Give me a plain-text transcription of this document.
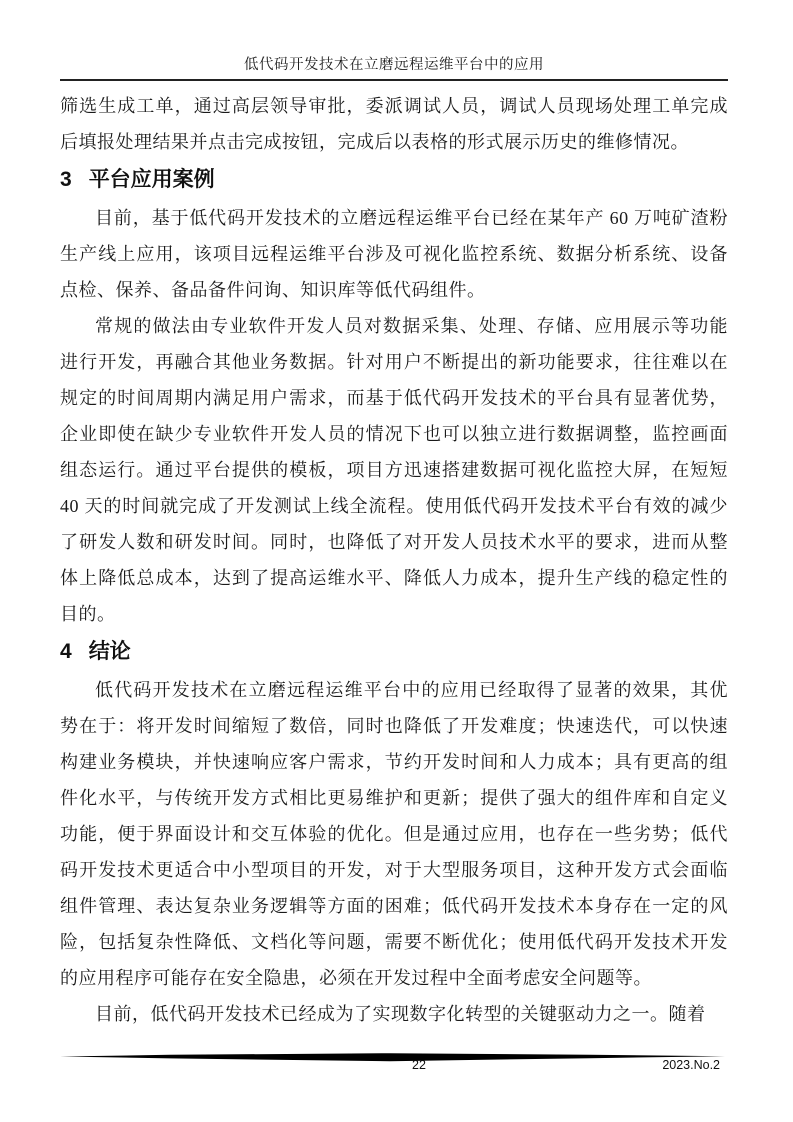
低代码开发技术在立磨远程运维平台中的应用
筛选生成工单，通过高层领导审批，委派调试人员，调试人员现场处理工单完成
后填报处理结果并点击完成按钮，完成后以表格的形式展示历史的维修情况。
3 平台应用案例
目前，基于低代码开发技术的立磨远程运维平台已经在某年产 60 万吨矿渣粉
生产线上应用，该项目远程运维平台涉及可视化监控系统、数据分析系统、设备
点检、保养、备品备件问询、知识库等低代码组件。
常规的做法由专业软件开发人员对数据采集、处理、存储、应用展示等功能
进行开发，再融合其他业务数据。针对用户不断提出的新功能要求，往往难以在
规定的时间周期内满足用户需求，而基于低代码开发技术的平台具有显著优势，
企业即使在缺少专业软件开发人员的情况下也可以独立进行数据调整，监控画面
组态运行。通过平台提供的模板，项目方迅速搭建数据可视化监控大屏，在短短
40 天的时间就完成了开发测试上线全流程。使用低代码开发技术平台有效的减少
了研发人数和研发时间。同时，也降低了对开发人员技术水平的要求，进而从整
体上降低总成本，达到了提高运维水平、降低人力成本，提升生产线的稳定性的
目的。
4 结论
低代码开发技术在立磨远程运维平台中的应用已经取得了显著的效果，其优
势在于：将开发时间缩短了数倍，同时也降低了开发难度；快速迭代，可以快速
构建业务模块，并快速响应客户需求，节约开发时间和人力成本；具有更高的组
件化水平，与传统开发方式相比更易维护和更新；提供了强大的组件库和自定义
功能，便于界面设计和交互体验的优化。但是通过应用，也存在一些劣势；低代
码开发技术更适合中小型项目的开发，对于大型服务项目，这种开发方式会面临
组件管理、表达复杂业务逻辑等方面的困难；低代码开发技术本身存在一定的风
险，包括复杂性降低、文档化等问题，需要不断优化；使用低代码开发技术开发
的应用程序可能存在安全隐患，必须在开发过程中全面考虑安全问题等。
目前，低代码开发技术已经成为了实现数字化转型的关键驱动力之一。随着
22	2023.No.2
